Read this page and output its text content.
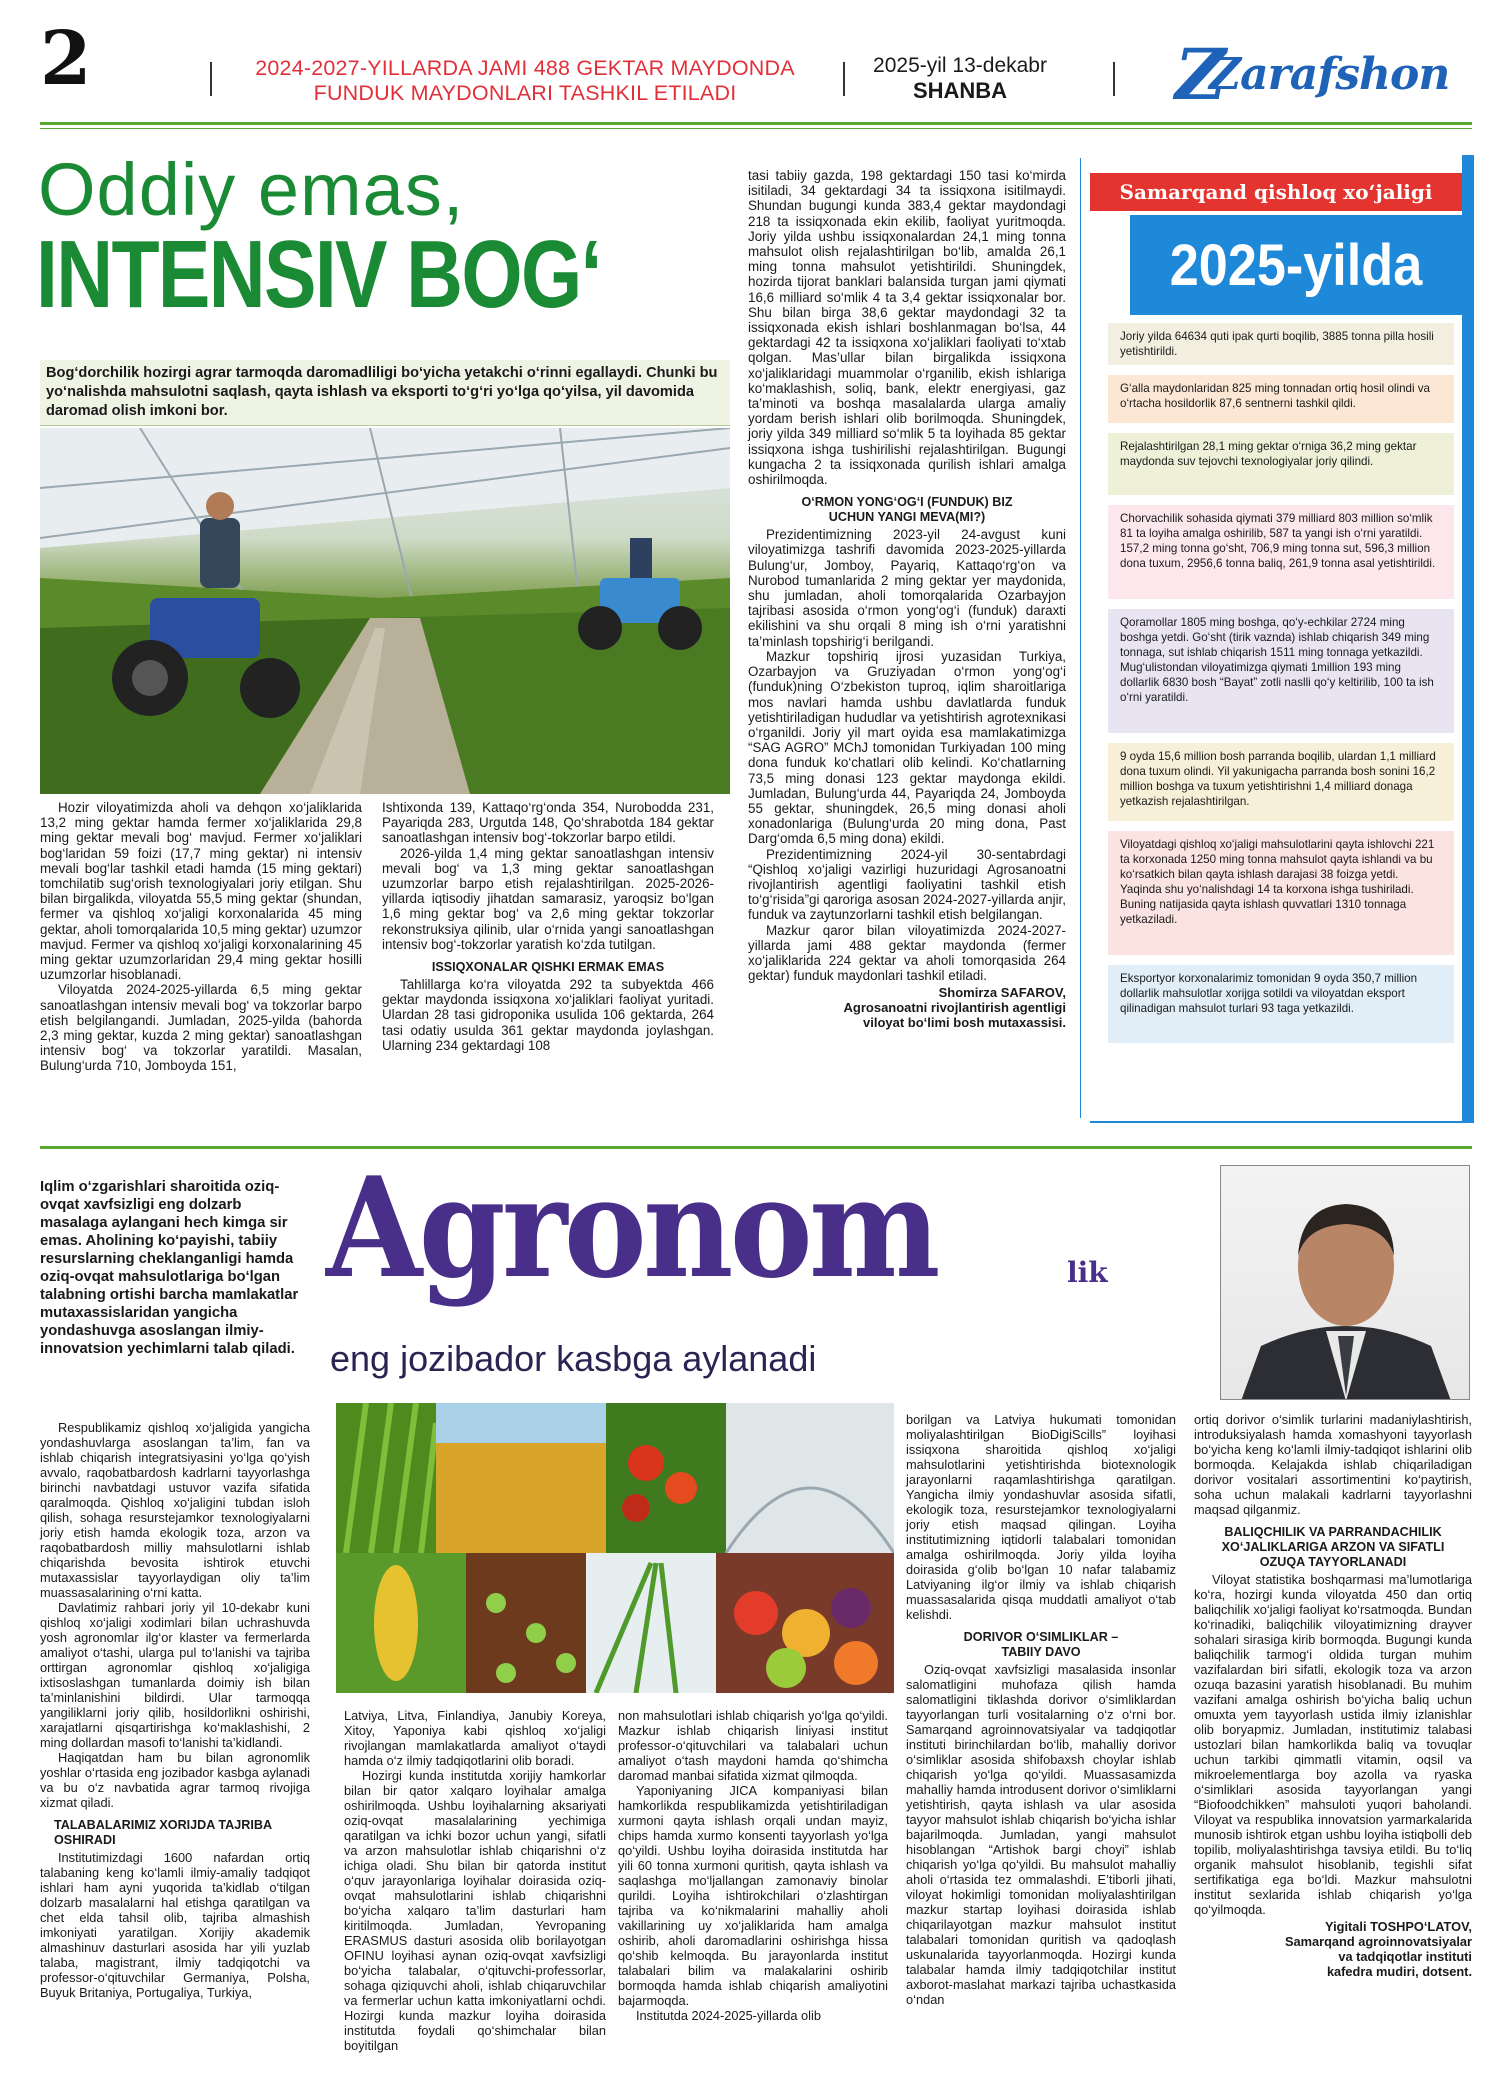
2	2024-2027-YILLARDA JAMI 488 GEKTAR MAYDONDA
FUNDUK MAYDONLARI TASHKIL ETILADI
2025-yil 13-dekabr
SHANBA	Z
Zarafshon
Oddiy emas,
INTENSIV BOG‘
Bog‘dorchilik hozirgi agrar tarmoqda daromadliligi bo‘yicha yetakchi o‘rinni egallaydi. Chunki bu yo‘nalishda mahsulotni saqlash, qayta ishlash va eksporti to‘g‘ri yo‘lga qo‘yilsa, yil davomida daromad olish imkoni bor.

Hozir viloyatimizda aholi va dehqon xo‘jaliklarida 13,2 ming gektar hamda fermer xo‘jaliklarida 29,8 ming gektar mevali bog‘ mavjud. Fermer xo‘jaliklari bog‘laridan 59 foizi (17,7 ming gektar) ni intensiv mevali bog‘lar tashkil etadi hamda (15 ming gektari) tomchilatib sug‘orish texnologiyalari joriy etilgan. Shu bilan birgalikda, viloyatda 55,5 ming gektar (shundan, fermer va qishloq xo‘jaligi korxonalarida 45 ming gektar, aholi tomorqalarida 10,5 ming gektar) uzumzor mavjud. Fermer va qishloq xo‘jaligi korxonalarining 45 ming gektar uzumzorlaridan 29,4 ming gektar hosilli uzumzorlar hisoblanadi.

Viloyatda 2024-2025-yillarda 6,5 ming gektar sanoatlashgan intensiv mevali bog‘ va tokzorlar barpo etish belgilangandi. Jumladan, 2025-yilda (bahorda 2,3 ming gektar, kuzda 2 ming gektar) sanoatlashgan intensiv bog‘ va tokzorlar yaratildi. Masalan, Bulung‘urda 710, Jomboyda 151,

Ishtixonda 139, Kattaqo‘rg‘onda 354, Nurobodda 231, Payariqda 283, Urgutda 148, Qo‘shrabotda 184 gektar sanoatlashgan intensiv bog‘-tokzorlar barpo etildi.

2026-yilda 1,4 ming gektar sanoatlashgan intensiv mevali bog‘ va 1,3 ming gektar sanoatlashgan uzumzorlar barpo etish rejalashtirilgan. 2025-2026-yillarda iqtisodiy jihatdan samarasiz, yaroqsiz bo‘lgan 1,6 ming gektar bog‘ va 2,6 ming gektar tokzorlar rekonstruksiya qilinib, ular o‘rnida yangi sanoatlashgan intensiv bog‘-tokzorlar yaratish ko‘zda tutilgan.

ISSIQXONALAR QISHKI ERMAK EMAS

Tahlillarga ko‘ra viloyatda 292 ta subyektda 466 gektar maydonda issiqxona xo‘jaliklari faoliyat yuritadi. Ulardan 28 tasi gidroponika usulida 106 gektarda, 264 tasi odatiy usulda 361 gektar maydonda joylashgan. Ularning 234 gektardagi 108

tasi tabiiy gazda, 198 gektardagi 150 tasi ko‘mirda isitiladi, 34 gektardagi 34 ta issiqxona isitilmaydi. Shundan bugungi kunda 383,4 gektar maydondagi 218 ta issiqxonada ekin ekilib, faoliyat yuritmoqda. Joriy yilda ushbu issiqxonalardan 24,1 ming tonna mahsulot olish rejalashtirilgan bo‘lib, amalda 26,1 ming tonna mahsulot yetishtirildi. Shuningdek, hozirda tijorat banklari balansida turgan jami qiymati 16,6 milliard so‘mlik 4 ta 3,4 gektar issiqxonalar bor. Shu bilan birga 38,6 gektar maydondagi 32 ta issiqxonada ekish ishlari boshlanmagan bo‘lsa, 44 gektardagi 42 ta issiqxona xo‘jaliklari faoliyati to‘xtab qolgan. Mas’ullar bilan birgalikda issiqxona xo‘jaliklaridagi muammolar o‘rganilib, ekish ishlariga ko‘maklashish, soliq, bank, elektr energiyasi, gaz ta’minoti va boshqa masalalarda ularga amaliy yordam berish ishlari olib borilmoqda. Shuningdek, joriy yilda 349 milliard so‘mlik 5 ta loyihada 85 gektar issiqxona ishga tushirilishi rejalashtirilgan. Bugungi kungacha 2 ta issiqxonada qurilish ishlari amalga oshirilmoqda.

O‘RMON YONG‘OG‘I (FUNDUK) BIZ UCHUN YANGI MEVA(MI?)

Prezidentimizning 2023-yil 24-avgust kuni viloyatimizga tashrifi davomida 2023-2025-yillarda Bulung‘ur, Jomboy, Payariq, Kattaqo‘rg‘on va Nurobod tumanlarida 2 ming gektar yer maydonida, shu jumladan, aholi tomorqalarida Ozarbayjon tajribasi asosida o‘rmon yong‘og‘i (funduk) daraxti ekilishini va shu orqali 8 ming ish o‘rni yaratishni ta’minlash topshirig‘i berilgandi.

Mazkur topshiriq ijrosi yuzasidan Turkiya, Ozarbayjon va Gruziyadan o‘rmon yong‘og‘i (funduk)ning O‘zbekiston tuproq, iqlim sharoitlariga mos navlari hamda ushbu davlatlarda funduk yetishtiriladigan hududlar va yetishtirish agrotexnikasi o‘rganildi. Joriy yil mart oyida esa mamlakatimizga “SAG AGRO” MChJ tomonidan Turkiyadan 100 ming dona funduk ko‘chatlari olib kelindi. Ko‘chatlarning 73,5 ming donasi 123 gektar maydonga ekildi. Jumladan, Bulung‘urda 44, Payariqda 24, Jomboyda 55 gektar, shuningdek, 26,5 ming donasi aholi xonadonlariga (Bulung‘urda 20 ming dona, Past Darg‘omda 6,5 ming dona) ekildi.

Prezidentimizning 2024-yil 30-sentabrdagi “Qishloq xo‘jaligi vazirligi huzuridagi Agrosanoatni rivojlantirish agentligi faoliyatini tashkil etish to‘g‘risida”gi qaroriga asosan 2024-2027-yillarda anjir, funduk va zaytunzorlarni tashkil etish belgilangan.

Mazkur qaror bilan viloyatimizda 2024-2027-yillarda jami 488 gektar maydonda (fermer xo‘jaliklarida 224 gektar va aholi tomorqasida 264 gektar) funduk maydonlari tashkil etiladi.

Shomirza SAFAROV,
Agrosanoatni rivojlantirish agentligi
viloyat bo‘limi bosh mutaxassisi.
Samarqand qishloq xo‘jaligi
2025-yilda
Joriy yilda 64634 quti ipak qurti boqilib, 3885 tonna pilla hosili yetishtirildi.
G‘alla maydonlaridan 825 ming tonnadan ortiq hosil olindi va o‘rtacha hosildorlik 87,6 sentnerni tashkil qildi.
Rejalashtirilgan 28,1 ming gektar o‘rniga 36,2 ming gektar maydonda suv tejovchi texnologiyalar joriy qilindi.
Chorvachilik sohasida qiymati 379 milliard 803 million so‘mlik 81 ta loyiha amalga oshirilib, 587 ta yangi ish o‘rni yaratildi. 157,2 ming tonna go‘sht, 706,9 ming tonna sut, 596,3 million dona tuxum, 2956,6 tonna baliq, 261,9 tonna asal yetishtirildi.
Qoramollar 1805 ming boshga, qo‘y-echkilar 2724 ming boshga yetdi. Go‘sht (tirik vaznda) ishlab chiqarish 349 ming tonnaga, sut ishlab chiqarish 1511 ming tonnaga yetkazildi. Mug‘ulistondan viloyatimizga qiymati 1million 193 ming dollarlik 6830 bosh “Bayat” zotli naslli qo‘y keltirilib, 100 ta ish o‘rni yaratildi.
9 oyda 15,6 million bosh parranda boqilib, ulardan 1,1 milliard dona tuxum olindi. Yil yakunigacha parranda bosh sonini 16,2 million boshga va tuxum yetishtirishni 1,4 milliard donaga yetkazish rejalashtirilgan.
Viloyatdagi qishloq xo‘jaligi mahsulotlarini qayta ishlovchi 221 ta korxonada 1250 ming tonna mahsulot qayta ishlandi va bu ko‘rsatkich bilan qayta ishlash darajasi 38 foizga yetdi. Yaqinda shu yo‘nalishdagi 14 ta korxona ishga tushiriladi. Buning natijasida qayta ishlash quvvatlari 1310 tonnaga yetkaziladi.
Eksportyor korxonalarimiz tomonidan 9 oyda 350,7 million dollarlik mahsulotlar xorijga sotildi va viloyatdan eksport qilinadigan mahsulot turlari 93 taga yetkazildi.
Iqlim o‘zgarishlari sharoitida oziq-ovqat xavfsizligi eng dolzarb masalaga aylangani hech kimga sir emas. Aholining ko‘payishi, tabiiy resurslarning cheklanganligi hamda oziq-ovqat mahsulotlariga bo‘lgan talabning ortishi barcha mamlakatlar mutaxassislaridan yangicha yondashuvga asoslangan ilmiy-innovatsion yechimlarni talab qiladi.
Agronom	lik
eng jozibador kasbga aylanadi

Respublikamiz qishloq xo‘jaligida yangicha yondashuvlarga asoslangan ta’lim, fan va ishlab chiqarish integratsiyasini yo‘lga qo‘yish avvalo, raqobatbardosh kadrlarni tayyorlashga birinchi navbatdagi ustuvor vazifa sifatida qaralmoqda. Qishloq xo‘jaligini tubdan isloh qilish, sohaga resurstejamkor texnologiyalarni joriy etish hamda ekologik toza, arzon va raqobatbardosh milliy mahsulotlarni ishlab chiqarishda bevosita ishtirok etuvchi mutaxassislar tayyorlaydigan oliy ta’lim muassasalarining o‘rni katta.

Davlatimiz rahbari joriy yil 10-dekabr kuni qishloq xo‘jaligi xodimlari bilan uchrashuvda yosh agronomlar ilg‘or klaster va fermerlarda amaliyot o‘tashi, ularga pul to‘lanishi va tajriba orttirgan agronomlar qishloq xo‘jaligiga ixtisoslashgan tumanlarda doimiy ish bilan ta’minlanishini bildirdi. Ular tarmoqqa yangiliklarni joriy qilib, hosildorlikni oshirishi, xarajatlarni qisqartirishga ko‘maklashishi, 2 ming dollardan masofi to‘lanishi ta’kidlandi.

Haqiqatdan ham bu bilan agronomlik yoshlar o‘rtasida eng jozibador kasbga aylanadi va bu o‘z navbatida agrar tarmoq rivojiga xizmat qiladi.

TALABALARIMIZ XORIJDA TAJRIBA OSHIRADI

Institutimizdagi 1600 nafardan ortiq talabaning keng ko‘lamli ilmiy-amaliy tadqiqot ishlari ham ayni yuqorida ta’kidlab o‘tilgan dolzarb masalalarni hal etishga qaratilgan va chet elda tahsil olib, tajriba almashish imkoniyati yaratilgan. Xorijiy akademik almashinuv dasturlari asosida har yili yuzlab talaba, magistrant, ilmiy tadqiqotchi va professor-o‘qituvchilar Germaniya, Polsha, Buyuk Britaniya, Portugaliya, Turkiya,

Latviya, Litva, Finlandiya, Janubiy Koreya, Xitoy, Yaponiya kabi qishloq xo‘jaligi rivojlangan mamlakatlarda amaliyot o‘taydi hamda o‘z ilmiy tadqiqotlarini olib boradi.

Hozirgi kunda institutda xorijiy hamkorlar bilan bir qator xalqaro loyihalar amalga oshirilmoqda. Ushbu loyihalarning aksariyati oziq-ovqat masalalarining yechimiga qaratilgan va ichki bozor uchun yangi, sifatli va arzon mahsulotlar ishlab chiqarishni o‘z ichiga oladi. Shu bilan bir qatorda institut o‘quv jarayonlariga loyihalar doirasida oziq-ovqat mahsulotlarini ishlab chiqarishni bo‘yicha xalqaro ta’lim dasturlari ham kiritilmoqda. Jumladan, Yevropaning ERASMUS dasturi asosida olib borilayotgan OFINU loyihasi aynan oziq-ovqat xavfsizligi bo‘yicha talabalar, o‘qituvchi-professorlar, sohaga qiziquvchi aholi, ishlab chiqaruvchilar va fermerlar uchun katta imkoniyatlarni ochdi. Hozirgi kunda mazkur loyiha doirasida institutda foydali qo‘shimchalar bilan boyitilgan

non mahsulotlari ishlab chiqarish yo‘lga qo‘yildi. Mazkur ishlab chiqarish liniyasi institut professor-o‘qituvchilari va talabalari uchun amaliyot o‘tash maydoni hamda qo‘shimcha daromad manbai sifatida xizmat qilmoqda.

Yaponiyaning JICA kompaniyasi bilan hamkorlikda respublikamizda yetishtiriladigan xurmoni qayta ishlash orqali undan mayiz, chips hamda xurmo konsenti tayyorlash yo‘lga qo‘yildi. Ushbu loyiha doirasida institutda har yili 60 tonna xurmoni quritish, qayta ishlash va saqlashga mo‘ljallangan zamonaviy binolar qurildi. Loyiha ishtirokchilari o‘zlashtirgan tajriba va ko‘nikmalarini mahalliy aholi vakillarining uy xo‘jaliklarida ham amalga oshirib, aholi daromadlarini oshirishga hissa qo‘shib kelmoqda. Bu jarayonlarda institut talabalari bilim va malakalarini oshirib bormoqda hamda ishlab chiqarish amaliyotini bajarmoqda.

Institutda 2024-2025-yillarda olib

borilgan va Latviya hukumati tomonidan moliyalashtirilgan BioDigiScills” loyihasi issiqxona sharoitida qishloq xo‘jaligi mahsulotlarini yetishtirishda biotexnologik jarayonlarni raqamlashtirishga qaratilgan. Yangicha ilmiy yondashuvlar asosida sifatli, ekologik toza, resurstejamkor texnologiyalarni joriy etish maqsad qilingan. Loyiha institutimizning iqtidorli talabalari tomonidan amalga oshirilmoqda. Joriy yilda loyiha doirasida g‘olib bo‘lgan 10 nafar talabamiz Latviyaning ilg‘or ilmiy va ishlab chiqarish muassasalarida qisqa muddatli amaliyot o‘tab kelishdi.

DORIVOR O‘SIMLIKLAR – TABIIY DAVO

Oziq-ovqat xavfsizligi masalasida insonlar salomatligini muhofaza qilish hamda salomatligini tiklashda dorivor o‘simliklardan tayyorlangan turli vositalarning o‘z o‘rni bor. Samarqand agroinnovatsiyalar va tadqiqotlar instituti birinchilardan bo‘lib, mahalliy dorivor o‘simliklar asosida shifobaxsh choylar ishlab chiqarish yo‘lga qo‘yildi. Muassasamizda mahalliy hamda introdusent dorivor o‘simliklarni yetishtirish, qayta ishlash va ular asosida tayyor mahsulot ishlab chiqarish bo‘yicha ishlar bajarilmoqda. Jumladan, yangi mahsulot hisoblangan “Artishok bargi choyi” ishlab chiqarish yo‘lga qo‘yildi. Bu mahsulot mahalliy aholi o‘rtasida tez ommalashdi. E’tiborli jihati, viloyat hokimligi tomonidan moliyalashtirilgan mazkur startap loyihasi doirasida ishlab chiqarilayotgan mazkur mahsulot institut talabalari tomonidan quritish va qadoqlash uskunalarida tayyorlanmoqda. Hozirgi kunda talabalar hamda ilmiy tadqiqotchilar institut axborot-maslahat markazi tajriba uchastkasida o‘ndan

ortiq dorivor o‘simlik turlarini madaniylashtirish, introduksiyalash hamda xomashyoni tayyorlash bo‘yicha keng ko‘lamli ilmiy-tadqiqot ishlarini olib bormoqda. Kelajakda ishlab chiqariladigan dorivor vositalari assortimentini ko‘paytirish, soha uchun malakali kadrlarni tayyorlashni maqsad qilganmiz.

BALIQCHILIK VA PARRANDACHILIK XO‘JALIKLARIGA ARZON VA SIFATLI OZUQA TAYYORLANADI

Viloyat statistika boshqarmasi ma’lumotlariga ko‘ra, hozirgi kunda viloyatda 450 dan ortiq baliqchilik xo‘jaligi faoliyat ko‘rsatmoqda. Bundan ko‘rinadiki, baliqchilik viloyatimizning drayver sohalari sirasiga kirib bormoqda. Bugungi kunda baliqchilik tarmog‘i oldida turgan muhim vazifalardan biri sifatli, ekologik toza va arzon ozuqa bazasini yaratish hisoblanadi. Bu muhim vazifani amalga oshirish bo‘yicha baliq uchun omuxta yem tayyorlash ustida ilmiy izlanishlar olib boryapmiz. Jumladan, institutimiz talabasi ustozlari bilan hamkorlikda baliq va tovuqlar uchun tarkibi qimmatli vitamin, oqsil va mikroelementlarga boy azolla va ryaska o‘simliklari asosida tayyorlangan yangi “Biofoodchikken” mahsuloti yuqori baholandi. Viloyat va respublika innovatsion yarmarkalarida munosib ishtirok etgan ushbu loyiha istiqbolli deb topilib, moliyalashtirishga tavsiya etildi. Bu to‘liq organik mahsulot hisoblanib, tegishli sifat sertifikatiga ega bo‘ldi. Mazkur mahsulotni institut sexlarida ishlab chiqarish yo‘lga qo‘yilmoqda.

Yigitali TOSHPO‘LATOV,
Samarqand agroinnovatsiyalar
va tadqiqotlar instituti
kafedra mudiri, dotsent.
